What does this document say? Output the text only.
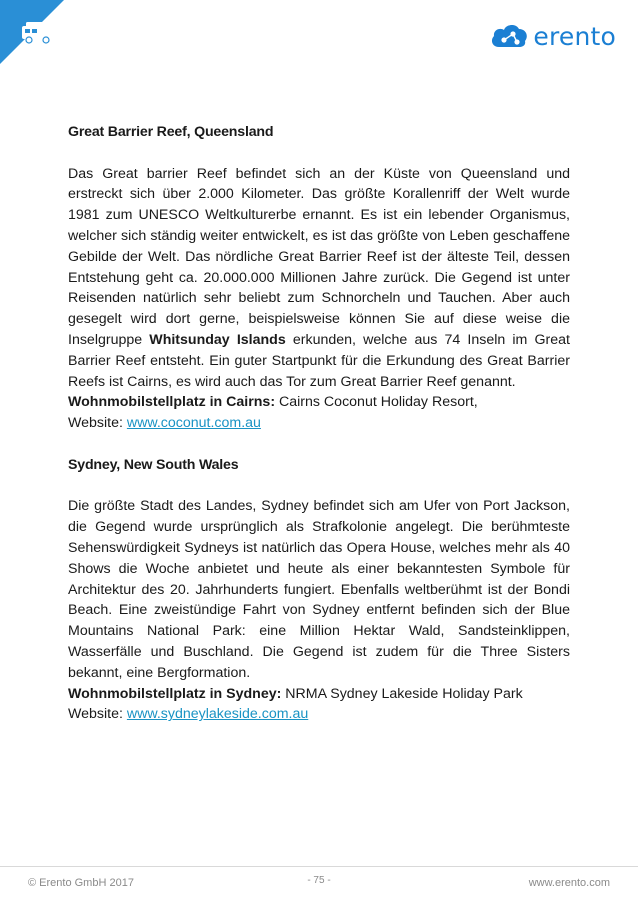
erento
Great Barrier Reef, Queensland

Das Great barrier Reef befindet sich an der Küste von Queensland und erstreckt sich über 2.000 Kilometer. Das größte Korallenriff der Welt wurde 1981 zum UNESCO Weltkulturerbe ernannt. Es ist ein lebender Organismus, welcher sich ständig weiter entwickelt, es ist das größte von Leben geschaffene Gebilde der Welt. Das nördliche Great Barrier Reef ist der älteste Teil, dessen Entstehung geht ca. 20.000.000 Millionen Jahre zurück. Die Gegend ist unter Reisenden natürlich sehr beliebt zum Schnorcheln und Tauchen. Aber auch gesegelt wird dort gerne, beispielsweise können Sie auf diese weise die Inselgruppe Whitsunday Islands erkunden, welche aus 74 Inseln im Great Barrier Reef entsteht. Ein guter Startpunkt für die Erkundung des Great Barrier Reefs ist Cairns, es wird auch das Tor zum Great Barrier Reef genannt.
Wohnmobilstellplatz in Cairns: Cairns Coconut Holiday Resort,
Website: www.coconut.com.au

Sydney, New South Wales

Die größte Stadt des Landes, Sydney befindet sich am Ufer von Port Jackson, die Gegend wurde ursprünglich als Strafkolonie angelegt. Die berühmteste Sehenswürdigkeit Sydneys ist natürlich das Opera House, welches mehr als 40 Shows die Woche anbietet und heute als einer bekanntesten Symbole für Architektur des 20. Jahrhunderts fungiert. Ebenfalls weltberühmt ist der Bondi Beach. Eine zweistündige Fahrt von Sydney entfernt befinden sich der Blue Mountains National Park: eine Million Hektar Wald, Sandsteinklippen, Wasserfälle und Buschland. Die Gegend ist zudem für die Three Sisters bekannt, eine Bergformation.
Wohnmobilstellplatz in Sydney: NRMA Sydney Lakeside Holiday Park
Website: www.sydneylakeside.com.au

© Erento GmbH 2017	- 75 -	www.erento.com
